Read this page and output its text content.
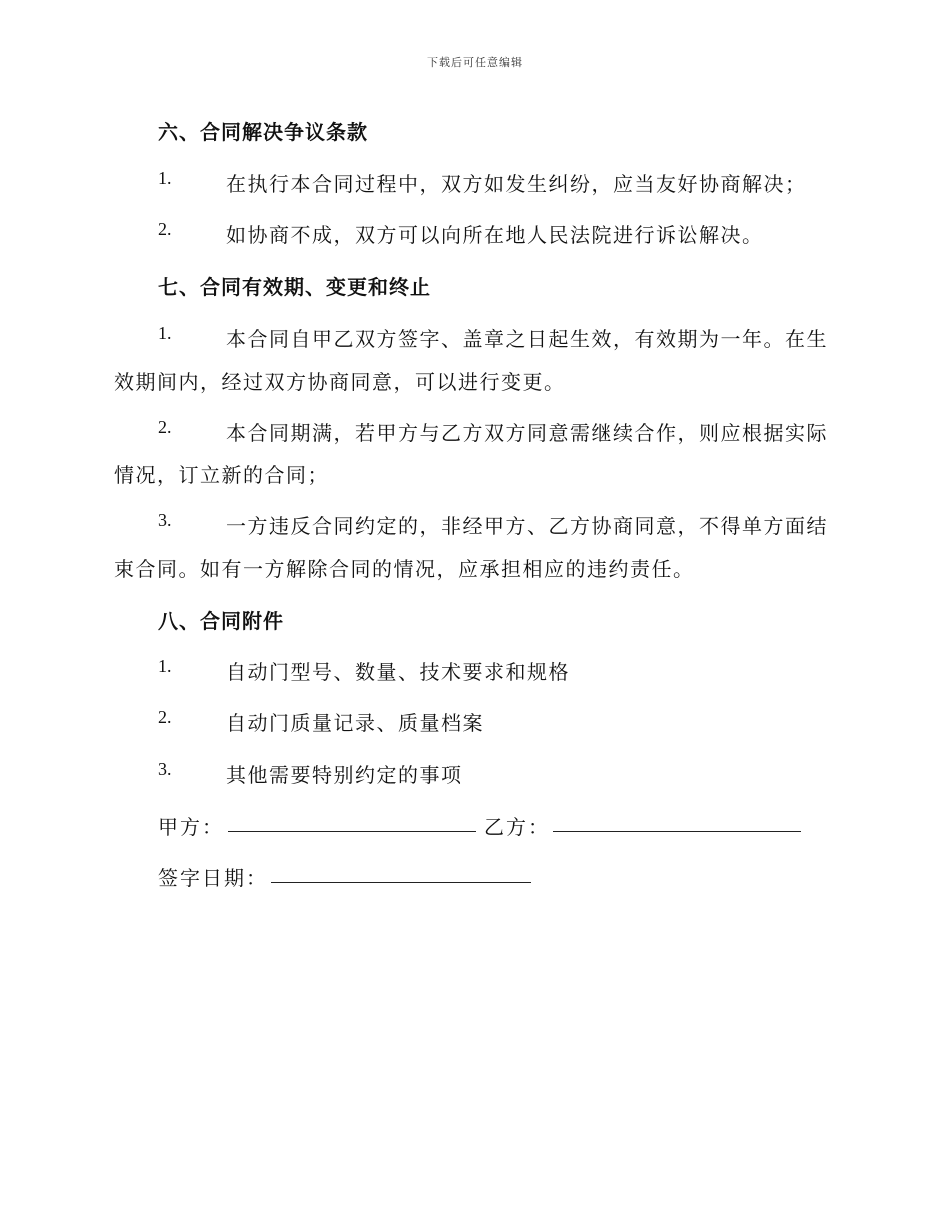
下载后可任意编辑
六、合同解决争议条款
1.	在执行本合同过程中，双方如发生纠纷，应当友好协商解决；
2.	如协商不成，双方可以向所在地人民法院进行诉讼解决。
七、合同有效期、变更和终止
1.	本合同自甲乙双方签字、盖章之日起生效，有效期为一年。在生
效期间内，经过双方协商同意，可以进行变更。
2.	本合同期满，若甲方与乙方双方同意需继续合作，则应根据实际
情况，订立新的合同；
3.	一方违反合同约定的，非经甲方、乙方协商同意，不得单方面结
束合同。如有一方解除合同的情况，应承担相应的违约责任。
八、合同附件
1.	自动门型号、数量、技术要求和规格
2.	自动门质量记录、质量档案
3.	其他需要特别约定的事项
甲方：	乙方：
签字日期：
